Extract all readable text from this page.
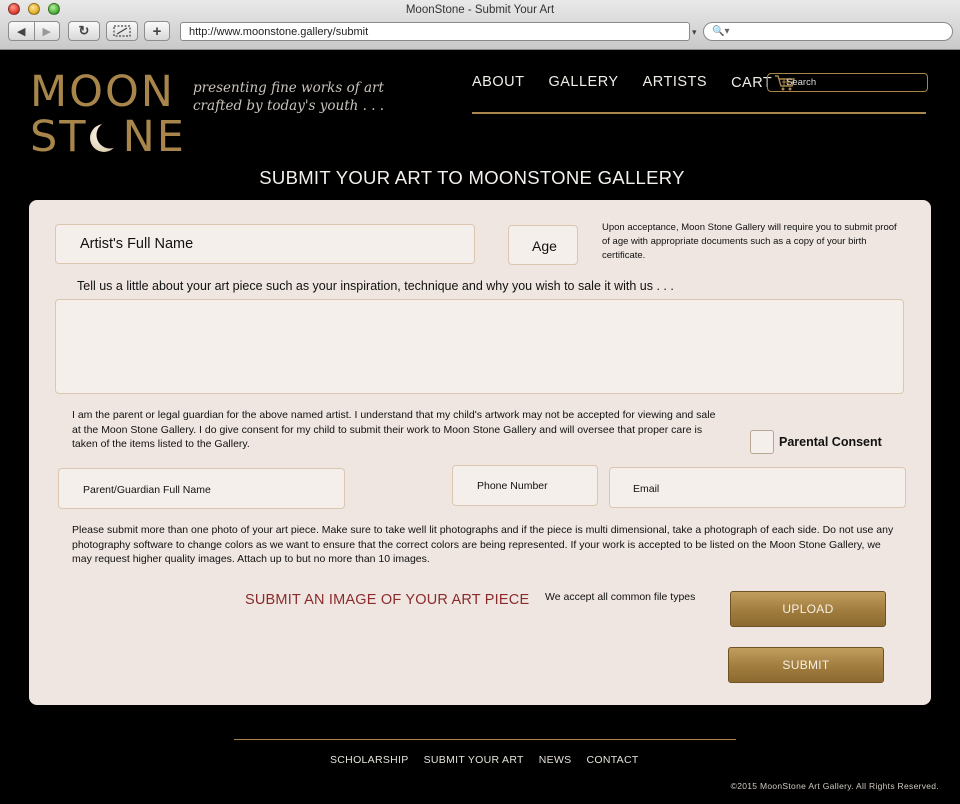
MoonStone - Submit Your Art
◀	▶	↻	+	http://www.moonstone.gallery/submit	▾	🔍▾
MOON
ST NE
presenting fine works of art
crafted by today's youth . . .
ABOUT GALLERY ARTISTS CART	Search
SUBMIT YOUR ART TO MOONSTONE GALLERY
Artist's Full Name	Age
Upon acceptance, Moon Stone Gallery will require you to submit proof of age with appropriate documents such as a copy of your birth certificate.
Tell us a little about your art piece such as your inspiration, technique and why you wish to sale it with us . . .
I am the parent or legal guardian for the above named artist. I understand that my child's artwork may not be accepted for viewing and sale at the Moon Stone Gallery. I do give consent for my child to submit their work to Moon Stone Gallery and will oversee that proper care is taken of the items listed to the Gallery.	Parental Consent
Parent/Guardian Full Name	Phone Number	Email
Please submit more than one photo of your art piece. Make sure to take well lit photographs and if the piece is multi dimensional, take a photograph of each side. Do not use any photography software to change colors as we want to ensure that the correct colors are being represented. If your work is accepted to be listed on the Moon Stone Gallery, we may request higher quality images. Attach up to but no more than 10 images.
SUBMIT AN IMAGE OF YOUR ART PIECE We accept all common file types
UPLOAD
SUBMIT
SCHOLARSHIP SUBMIT YOUR ART NEWS CONTACT
©2015 MoonStone Art Gallery. All Rights Reserved.
